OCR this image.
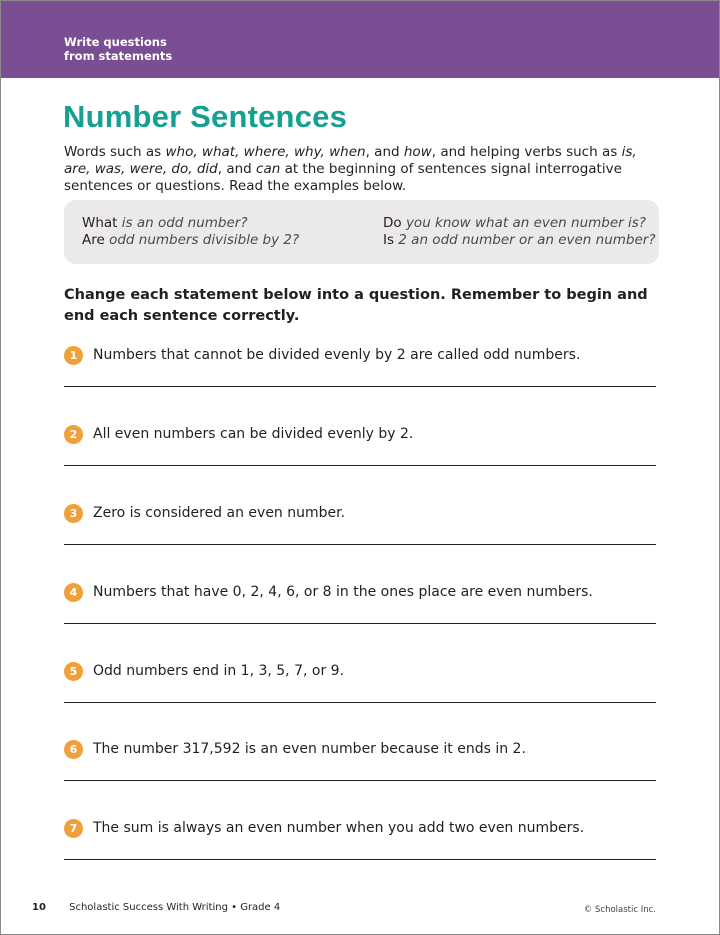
Write questions
from statements
Number Sentences

Words such as who, what, where, why, when, and how, and helping verbs such as is, are, was, were, do, did, and can at the beginning of sentences signal interrogative sentences or questions. Read the examples below.

What is an odd number?
Are odd numbers divisible by 2?
Do you know what an even number is?
Is 2 an odd number or an even number?

Change each statement below into a question. Remember to begin and end each sentence correctly.

1	Numbers that cannot be divided evenly by 2 are called odd numbers.
2	All even numbers can be divided evenly by 2.
3	Zero is considered an even number.
4	Numbers that have 0, 2, 4, 6, or 8 in the ones place are even numbers.
5	Odd numbers end in 1, 3, 5, 7, or 9.
6	The number 317,592 is an even number because it ends in 2.
7	The sum is always an even number when you add two even numbers.
10 Scholastic Success With Writing • Grade 4	© Scholastic Inc.
